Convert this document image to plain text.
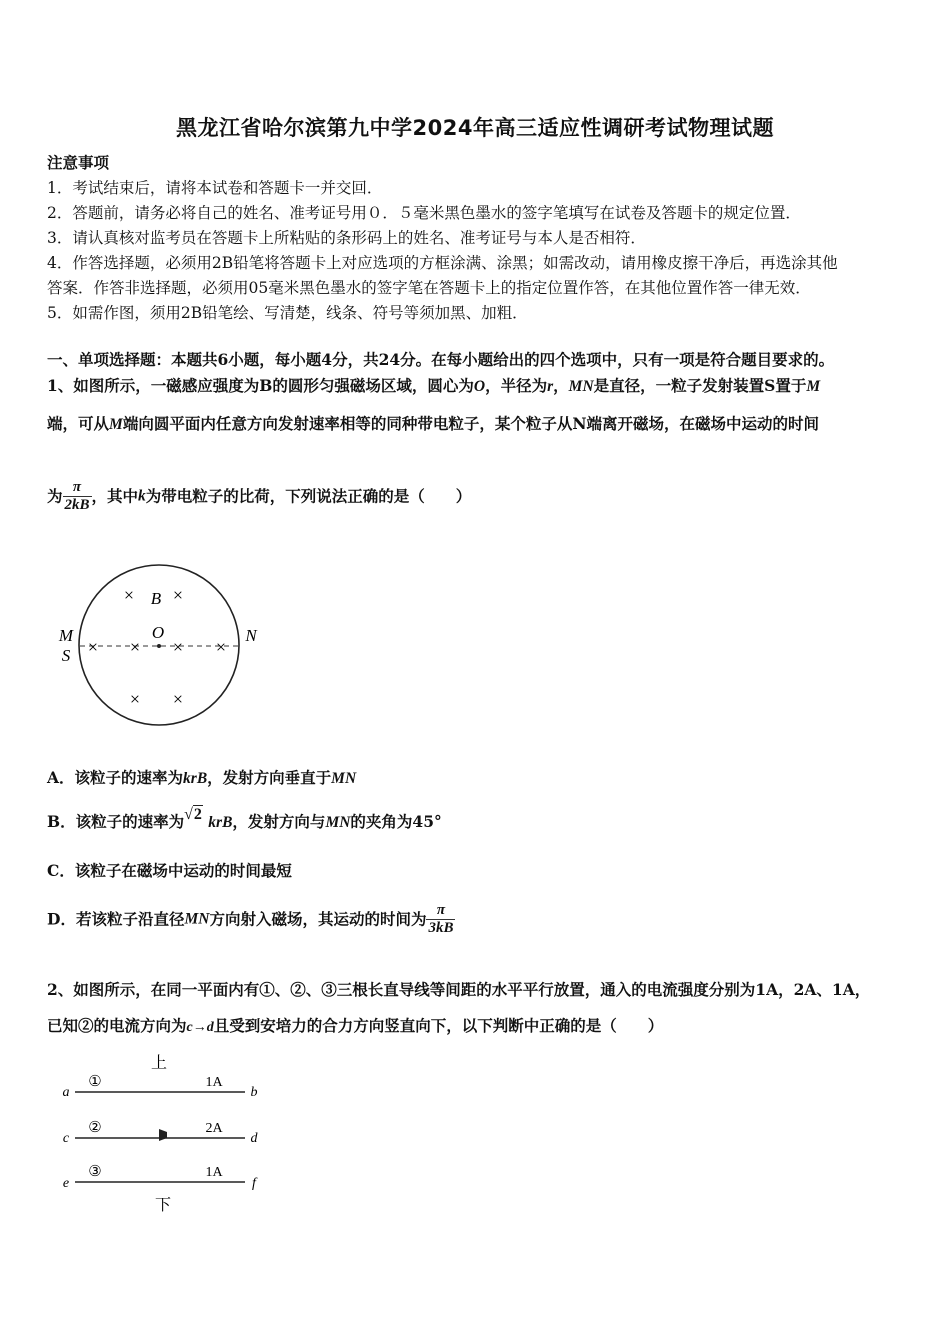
黑龙江省哈尔滨第九中学2024年高三适应性调研考试物理试题
注意事项
1．考试结束后，请将本试卷和答题卡一并交回．
2．答题前，请务必将自己的姓名、准考证号用０．５毫米黑色墨水的签字笔填写在试卷及答题卡的规定位置．
3．请认真核对监考员在答题卡上所粘贴的条形码上的姓名、准考证号与本人是否相符．
4．作答选择题，必须用2B铅笔将答题卡上对应选项的方框涂满、涂黑；如需改动，请用橡皮擦干净后，再选涂其他
答案．作答非选择题，必须用05毫米黑色墨水的签字笔在答题卡上的指定位置作答，在其他位置作答一律无效．
5．如需作图，须用2B铅笔绘、写清楚，线条、符号等须加黑、加粗．
一、单项选择题：本题共6小题，每小题4分，共24分。在每小题给出的四个选项中，只有一项是符合题目要求的。
1、如图所示，一磁感应强度为B的圆形匀强磁场区域，圆心为O，半径为r，MN是直径，一粒子发射装置S置于M
端，可从M端向圆平面内任意方向发射速率相等的同种带电粒子，某个粒子从N端离开磁场，在磁场中运动的时间
为 $\frac{\pi}{2kB}$ ，其中k为带电粒子的比荷，下列说法正确的是（　　）
× ×
× × × ×
× ×
B
O
M
S
N
A．该粒子的速率为krB，发射方向垂直于MN
B．该粒子的速率为√2 krB，发射方向与MN的夹角为45°
C．该粒子在磁场中运动的时间最短
D．若该粒子沿直径MN方向射入磁场，其运动的时间为 $\frac{\pi}{3kB}$
2、如图所示，在同一平面内有①、②、③三根长直导线等间距的水平平行放置，通入的电流强度分别为1A，2A、1A，
已知②的电流方向为c→d且受到安培力的合力方向竖直向下，以下判断中正确的是（　　）
上
下
a	b
①	1A
c	d
②	2A
e	f
③	1A
